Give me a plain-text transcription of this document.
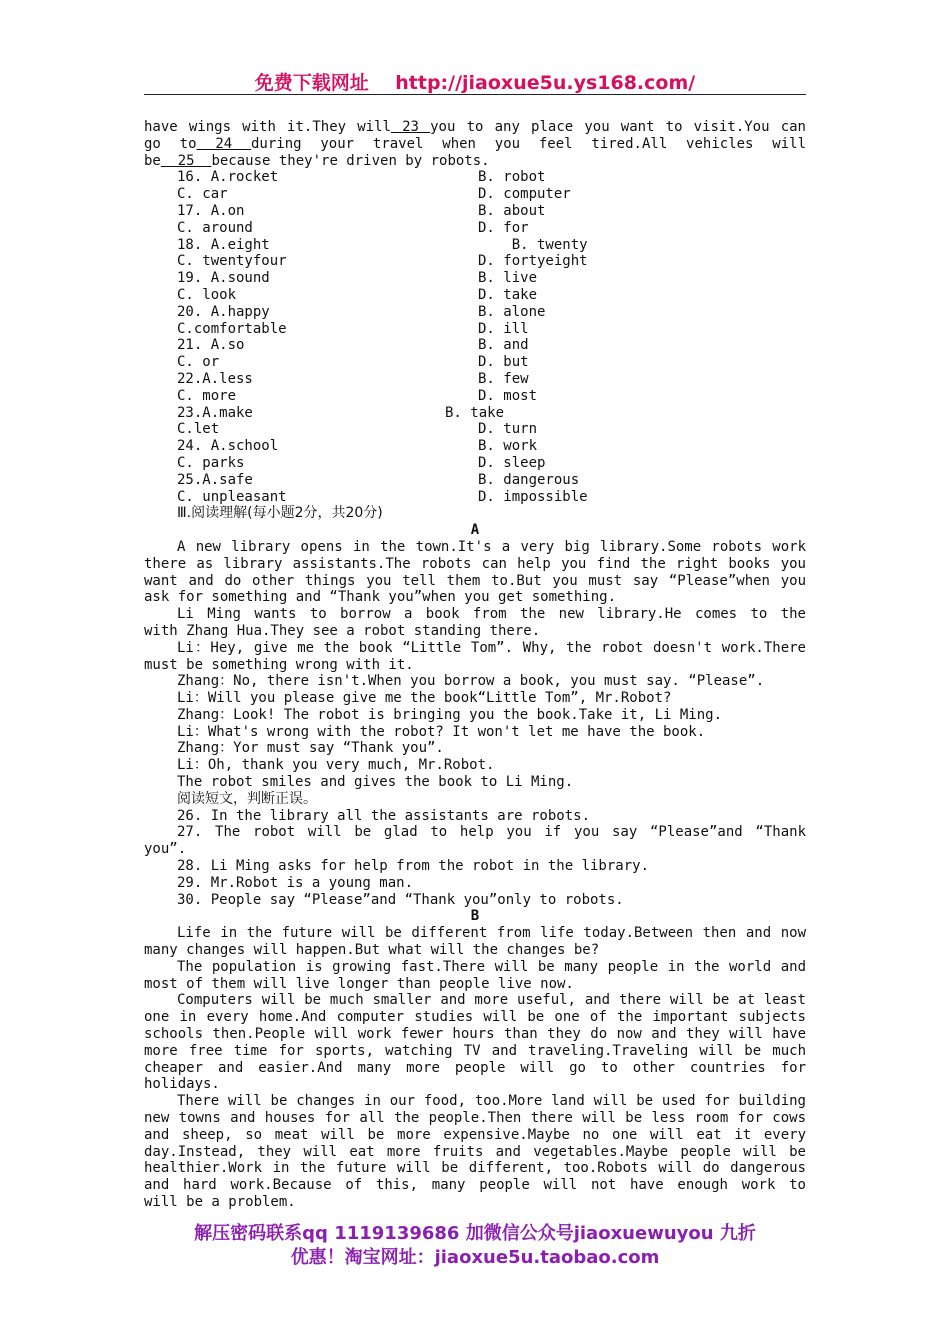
免费下载网址 http://jiaoxue5u.ys168.com/
have wings with it.They will 23 you to any place you want to visit.You can
go to 24 during your travel when you feel tired.All vehicles will
be  25  because they're driven by robots.
16. A.rocket	B. robot
C. car	D. computer
17. A.on	B. about
C. around	D. for
18. A.eight	B. twenty
C. twentyfour	D. fortyeight
19. A.sound	B. live
C. look	D. take
20. A.happy	B. alone
C.comfortable	D. ill
21. A.so	B. and
C. or	D. but
22.A.less	B. few
C. more	D. most
23.A.make	B. take
C.let	D. turn
24. A.school	B. work
C. parks	D. sleep
25.A.safe	B. dangerous
C. unpleasant	D. impossible
Ⅲ.阅读理解(每小题2分，共20分)
A
A new library opens in the town.It's a very big library.Some robots work
there as library assistants.The robots can help you find the right books you
want and do other things you tell them to.But you must say “Please”when you
ask for something and “Thank you”when you get something.
Li Ming wants to borrow a book from the new library.He comes to the
with Zhang Hua.They see a robot standing there.
Li：Hey, give me the book “Little Tom”. Why, the robot doesn't work.There
must be something wrong with it.
Zhang：No, there isn't.When you borrow a book, you must say. “Please”.
Li：Will you please give me the book“Little Tom”, Mr.Robot?
Zhang：Look! The robot is bringing you the book.Take it, Li Ming.
Li：What's wrong with the robot? It won't let me have the book.
Zhang：Yor must say “Thank you”.
Li：Oh, thank you very much, Mr.Robot.
The robot smiles and gives the book to Li Ming.
阅读短文，判断正误。
26. In the library all the assistants are robots.
27. The robot will be glad to help you if you say “Please”and “Thank
you”.
28. Li Ming asks for help from the robot in the library.
29. Mr.Robot is a young man.
30. People say “Please”and “Thank you”only to robots.
B
Life in the future will be different from life today.Between then and now
many changes will happen.But what will the changes be?
The population is growing fast.There will be many people in the world and
most of them will live longer than people live now.
Computers will be much smaller and more useful, and there will be at least
one in every home.And computer studies will be one of the important subjects
schools then.People will work fewer hours than they do now and they will have
more free time for sports, watching TV and traveling.Traveling will be much
cheaper and easier.And many more people will go to other countries for
holidays.
There will be changes in our food, too.More land will be used for building
new towns and houses for all the people.Then there will be less room for cows
and sheep, so meat will be more expensive.Maybe no one will eat it every
day.Instead, they will eat more fruits and vegetables.Maybe people will be
healthier.Work in the future will be different, too.Robots will do dangerous
and hard work.Because of this, many people will not have enough work to
will be a problem.
解压密码联系qq 1119139686 加微信公众号jiaoxuewuyou 九折
优惠！淘宝网址：jiaoxue5u.taobao.com
